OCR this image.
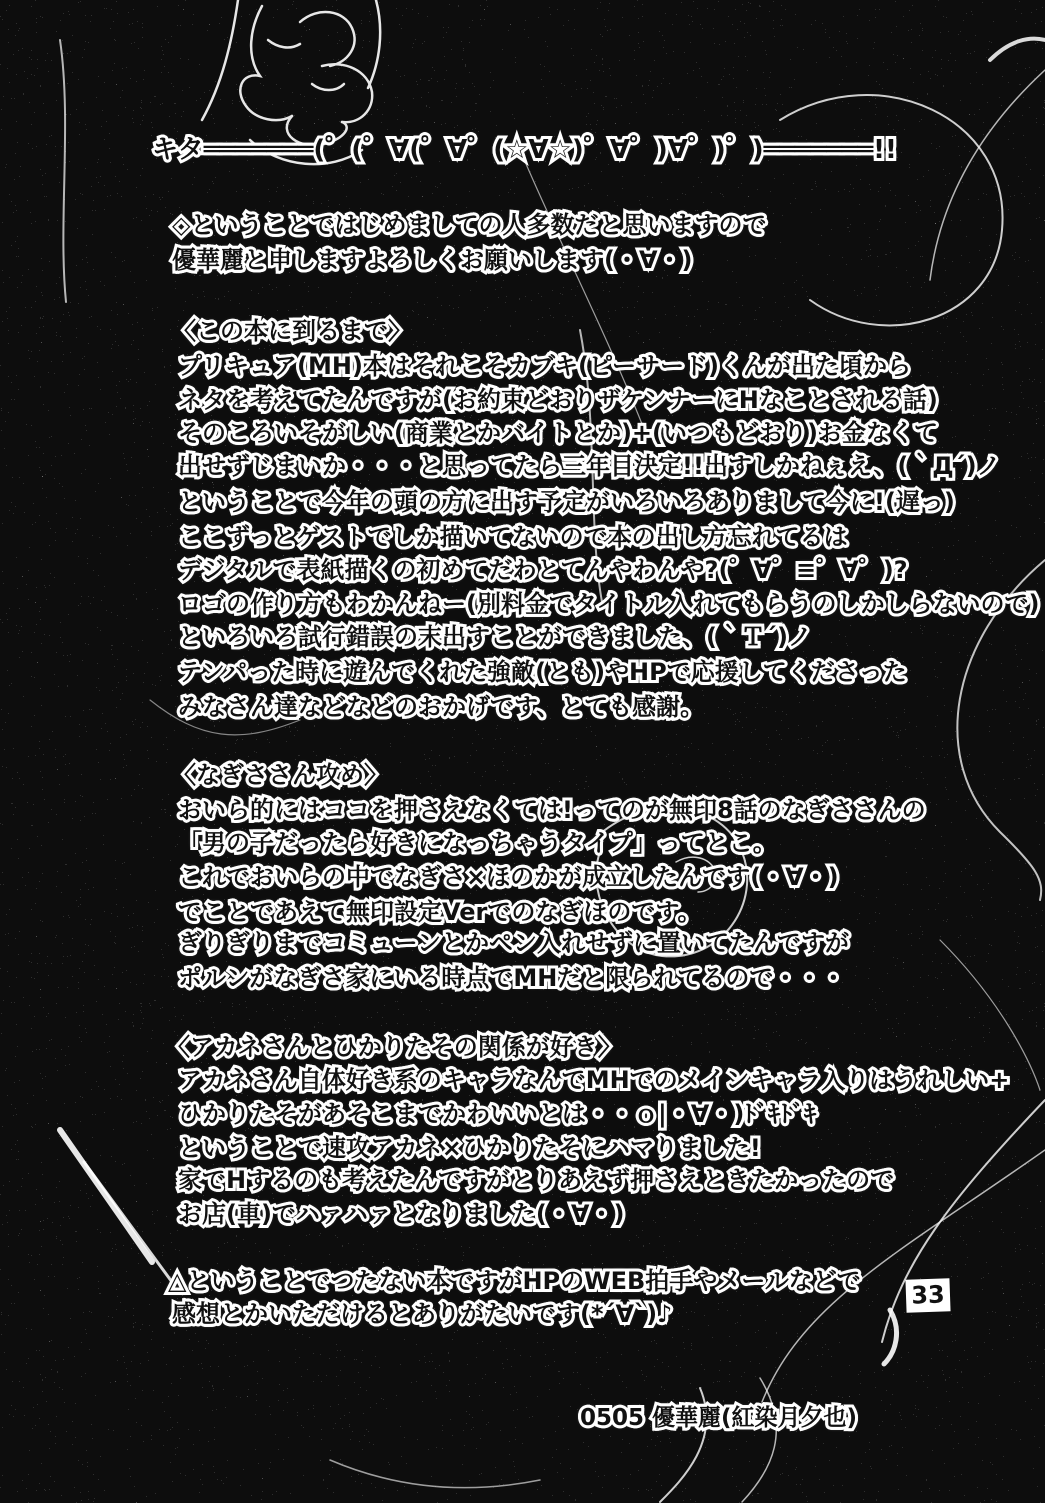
キタ═══════(゜(゜∀(゜∀゜(☆∀☆)゜∀゜)∀゜)゜)═══════!!
◇ということではじめましての人多数だと思いますので
優華麗と申しますよろしくお願いします(・∀・)
〈この本に到るまで〉
プリキュア(MH)本はそれこそカブキ(ピーサード)くんが出た頃から
ネタを考えてたんですが(お約束どおりザケンナーにHなことされる話)
そのころいそがしい(商業とかバイトとか)+(いつもどおり)お金なくて
出せずじまいか・・・と思ってたら三年目決定!!出すしかねぇえ、(｀Д´)ノ
ということで今年の頭の方に出す予定がいろいろありまして今に!(遅っ)
ここずっとゲストでしか描いてないので本の出し方忘れてるは
デジタルで表紙描くの初めてだわとてんやわんや?(゜∀゜≡゜∀゜)?
ロゴの作り方もわかんねー(別料金でタイトル入れてもらうのしかしらないので)
といろいろ試行錯誤の末出すことができました、(｀Ｔ´)ノ
テンパった時に遊んでくれた強敵(とも)やHPで応援してくださった
みなさん達などなどのおかげです、とても感謝。
〈なぎささん攻め〉
おいら的にはココを押さえなくては!ってのが無印8話のなぎささんの
「男の子だったら好きになっちゃうタイプ」ってとこ。
これでおいらの中でなぎさ×ほのかが成立したんです(・∀・)
でことであえて無印設定Verでのなぎほのです。
ぎりぎりまでコミューンとかペン入れせずに置いてたんですが
ポルンがなぎさ家にいる時点でMHだと限られてるので・・・
〈アカネさんとひかりたその関係が好き〉
アカネさん自体好き系のキャラなんでMHでのメインキャラ入りはうれしい+
ひかりたそがあそこまでかわいいとは・・ｏ|・∀・)ﾄﾞｷﾄﾞｷ
ということで速攻アカネ×ひかりたそにハマりました!
家でHするのも考えたんですがとりあえず押さえときたかったので
お店(車)でハァハァとなりました(・∀・)
△ということでつたない本ですがHPのWEB拍手やメールなどで
感想とかいただけるとありがたいです(*´∀`)♪
33
0505 優華麗(紅染月夕也)
